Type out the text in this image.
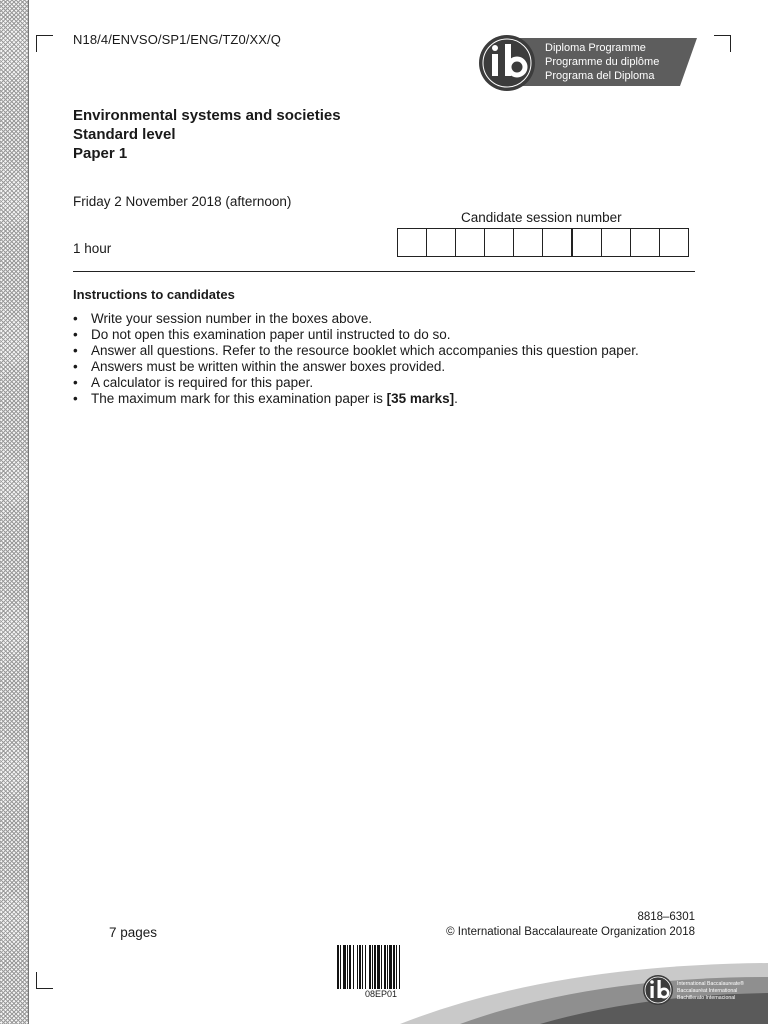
N18/4/ENVSO/SP1/ENG/TZ0/XX/Q
Diploma Programme
Programme du diplôme
Programa del Diploma
Environmental systems and societies
Standard level
Paper 1
Friday 2 November 2018 (afternoon)
Candidate session number
1 hour
Instructions to candidates
• Write your session number in the boxes above.
• Do not open this examination paper until instructed to do so.
• Answer all questions. Refer to the resource booklet which accompanies this question paper.
• Answers must be written within the answer boxes provided.
• A calculator is required for this paper.
• The maximum mark for this examination paper is [35 marks].
7 pages
8818–6301
© International Baccalaureate Organization 2018
08EP01
International Baccalaureate®
Baccalauréat International
Bachillerato Internacional
